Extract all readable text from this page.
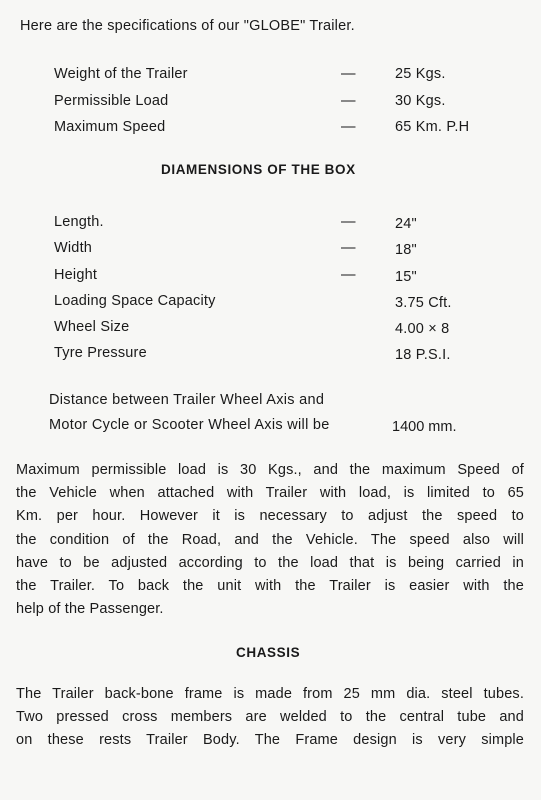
Here are the specifications of our "GLOBE" Trailer.
Weight of the Trailer	—	25 Kgs.
Permissible Load	—	30 Kgs.
Maximum Speed	—	65 Km. P.H
DIAMENSIONS OF THE BOX
Length.	—	24"
Width	—	18"
Height	—	15"
Loading Space Capacity	3.75 Cft.
Wheel Size	4.00 × 8
Tyre Pressure	18 P.S.I.
Distance between Trailer Wheel Axis and
Motor Cycle or Scooter Wheel Axis will be	1400 mm.
Maximum permissible load is 30 Kgs., and the maximum Speed of
the Vehicle when attached with Trailer with load, is limited to 65
Km. per hour. However it is necessary to adjust the speed to
the condition of the Road, and the Vehicle. The speed also will
have to be adjusted according to the load that is being carried in
the Trailer. To back the unit with the Trailer is easier with the
help of the Passenger.
CHASSIS
The Trailer back-bone frame is made from 25 mm dia. steel tubes.
Two pressed cross members are welded to the central tube and
on these rests Trailer Body. The Frame design is very simple
